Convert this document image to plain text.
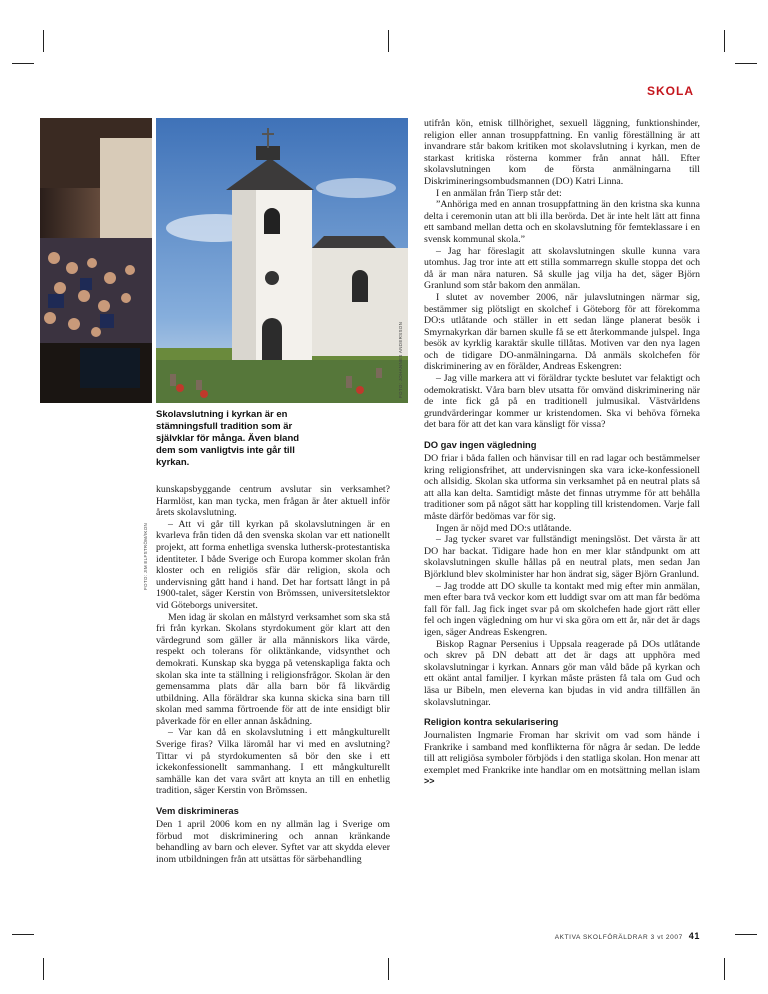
SKOLA
FOTO: JIM ELFSTRÖM/IKON
FOTO: JOHANNES ANDERSSON
Skolavslutning i kyrkan är en stämningsfull tradition som är självklar för många. Även bland dem som vanligtvis inte går till kyrkan.

kunskapsbyggande centrum avslutar sin verksamhet? Harmlöst, kan man tycka, men frågan är åter aktuell inför årets skolavslutning.

– Att vi går till kyrkan på skolavslutningen är en kvarleva från tiden då den svenska skolan var ett nationellt projekt, att forma enhetliga svenska luthersk-protestantiska identiteter. I både Sverige och Europa kommer skolan från kloster och en religiös sfär där religion, skola och undervisning gått hand i hand. Det har fortsatt långt in på 1900-talet, säger Kerstin von Brömssen, universitetslektor vid Göteborgs universitet.

Men idag är skolan en målstyrd verksamhet som ska stå fri från kyrkan. Skolans styrdokument gör klart att den värdegrund som gäller är alla människors lika värde, respekt och tolerans för oliktänkande, vidsynthet och demokrati. Kunskap ska bygga på vetenskapliga fakta och skolan ska inte ta ställning i religionsfrågor. Skolan är den gemensamma plats där alla barn bör få likvärdig utbildning. Alla föräldrar ska kunna skicka sina barn till skolan med samma förtroende för att de inte ensidigt blir påverkade för en eller annan åskådning.

– Var kan då en skolavslutning i ett mångkulturellt Sverige firas? Vilka läromål har vi med en avslutning? Tittar vi på styrdokumenten så bör den ske i ett ickekonfessionellt sammanhang. I ett mångkulturellt samhälle kan det vara svårt att knyta an till en enhetlig tradition, säger Kerstin von Brömssen.

Vem diskrimineras

Den 1 april 2006 kom en ny allmän lag i Sverige om förbud mot diskriminering och annan kränkande behandling av barn och elever. Syftet var att skydda elever inom utbildningen från att utsättas för särbehandling

utifrån kön, etnisk tillhörighet, sexuell läggning, funktionshinder, religion eller annan trosuppfattning. En vanlig föreställning är att invandrare står bakom kritiken mot skolavslutning i kyrkan, men de starkast kritiska rösterna kommer från annat håll. Efter skolavslutningen kom de första anmälningarna till Diskrimineringsombudsmannen (DO) Katri Linna.

I en anmälan från Tierp står det:

”Anhöriga med en annan trosuppfattning än den kristna ska kunna delta i ceremonin utan att bli illa berörda. Det är inte helt lätt att finna ett samband mellan detta och en skolavslutning för femteklassare i en svensk kommunal skola.”

– Jag har föreslagit att skolavslutningen skulle kunna vara utomhus. Jag tror inte att ett stilla sommarregn skulle stoppa det och då är man nära naturen. Så skulle jag vilja ha det, säger Björn Granlund som står bakom den anmälan.

I slutet av november 2006, när julavslutningen närmar sig, bestämmer sig plötsligt en skolchef i Göteborg för att förekomma DO:s utlåtande och ställer in ett sedan länge planerat besök i Smyrnakyrkan där barnen skulle få se ett återkommande julspel. Inga besök av kyrklig karaktär skulle tillåtas. Motiven var den nya lagen och de tidigare DO-anmälningarna. Då anmäls skolchefen för diskriminering av en förälder, Andreas Eskengren:

– Jag ville markera att vi föräldrar tyckte beslutet var felaktigt och odemokratiskt. Våra barn blev utsatta för omvänd diskriminering när de inte fick gå på en traditionell julmusikal. Västvärldens grundvärderingar kommer ur kristendomen. Ska vi behöva förneka det bara för att det kan vara känsligt för vissa?

DO gav ingen vägledning

DO friar i båda fallen och hänvisar till en rad lagar och bestämmelser kring religionsfrihet, att undervisningen ska vara icke-konfessionell och allsidig. Skolan ska utforma sin verksamhet på en neutral plats så att alla kan delta. Samtidigt måste det finnas utrymme för att behålla traditioner som på något sätt har koppling till kristendomen. Varje fall måste därför bedömas var för sig.

Ingen är nöjd med DO:s utlåtande.

– Jag tycker svaret var fullständigt meningslöst. Det värsta är att DO har backat. Tidigare hade hon en mer klar ståndpunkt om att skolavslutningen skulle hållas på en neutral plats, men sedan Jan Björklund blev skolminister har hon ändrat sig, säger Björn Granlund.

– Jag trodde att DO skulle ta kontakt med mig efter min anmälan, men efter bara två veckor kom ett luddigt svar om att man får bedöma fall för fall. Jag fick inget svar på om skolchefen hade gjort rätt eller fel och ingen vägledning om hur vi ska göra om ett år, när det är dags igen, säger Andreas Eskengren.

Biskop Ragnar Persenius i Uppsala reagerade på DOs utlåtande och skrev på DN debatt att det är dags att upphöra med skolavslutningar i kyrkan. Annars gör man våld både på kyrkan och ett okänt antal familjer. I kyrkan måste prästen få tala om Gud och läsa ur Bibeln, men eleverna kan bjudas in vid andra tillfällen än skolavslutningar.

Religion kontra sekularisering

Journalisten Ingmarie Froman har skrivit om vad som hände i Frankrike i samband med konflikterna för några år sedan. De ledde till att religiösa symboler förbjöds i den statliga skolan. Hon menar att exemplet med Frankrike inte handlar om en motsättning mellan islam >>

AKTIVA SKOLFÖRÄLDRAR 3 vt 2007 41
